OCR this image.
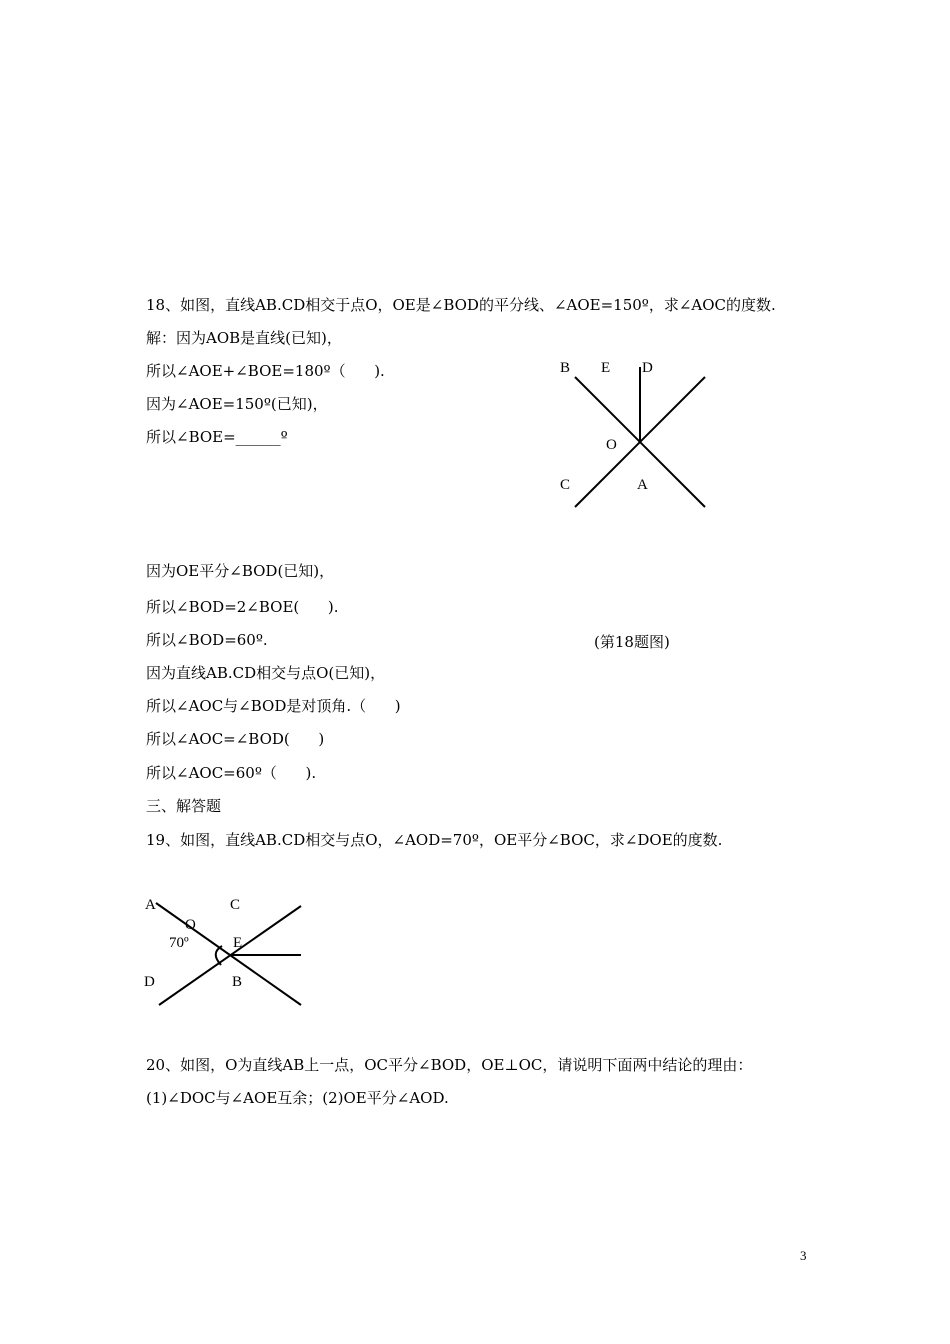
18、如图，直线AB.CD相交于点O，OE是∠BOD的平分线、∠AOE=150º，求∠AOC的度数.
解：因为AOB是直线(已知)，
所以∠AOE+∠BOE=180º（      ).
因为∠AOE=150º(已知)，
所以∠BOE=______º
B E D
O
C	A
因为OE平分∠BOD(已知)，
所以∠BOD=2∠BOE(      ).
所以∠BOD=60º.	(第18题图)
因为直线AB.CD相交与点O(已知)，
所以∠AOC与∠BOD是对顶角.（      )
所以∠AOC=∠BOD(      )
所以∠AOC=60º（      ).
三、解答题
19、如图，直线AB.CD相交与点O，∠AOD=70º，OE平分∠BOC，求∠DOE的度数.
A
O
C
70º	E
D	B
20、如图，O为直线AB上一点，OC平分∠BOD，OE⊥OC，请说明下面两中结论的理由：
(1)∠DOC与∠AOE互余；(2)OE平分∠AOD.
3
